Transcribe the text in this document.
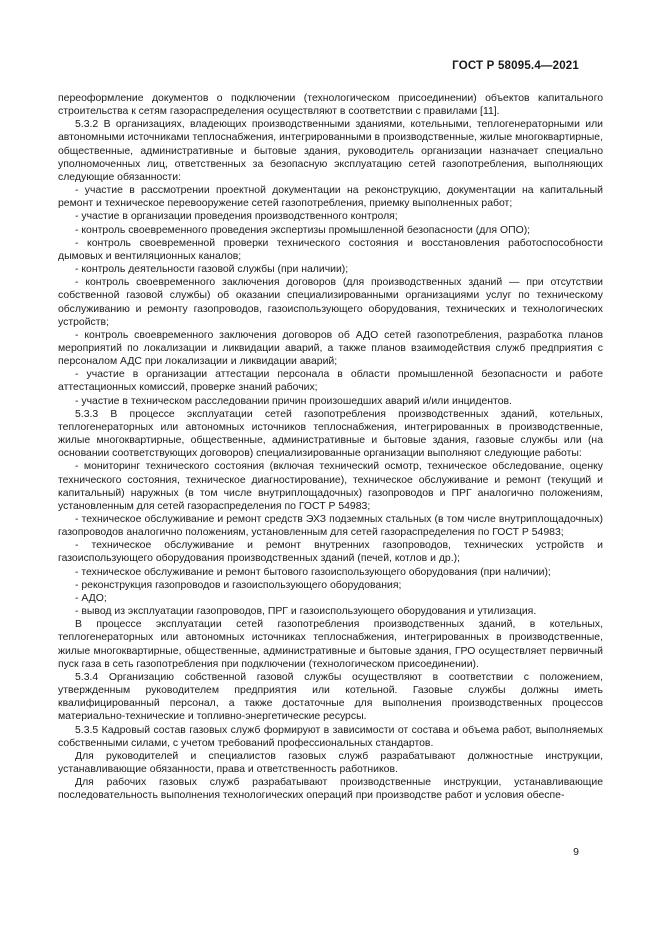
ГОСТ Р 58095.4—2021

переоформление документов о подключении (технологическом присоединении) объектов капитального строительства к сетям газораспределения осуществляют в соответствии с правилами [11].

5.3.2 В организациях, владеющих производственными зданиями, котельными, теплогенераторными или автономными источниками теплоснабжения, интегрированными в производственные, жилые многоквартирные, общественные, административные и бытовые здания, руководитель организации назначает специально уполномоченных лиц, ответственных за безопасную эксплуатацию сетей газопотребления, выполняющих следующие обязанности:

- участие в рассмотрении проектной документации на реконструкцию, документации на капитальный ремонт и техническое перевооружение сетей газопотребления, приемку выполненных работ;

- участие в организации проведения производственного контроля;

- контроль своевременного проведения экспертизы промышленной безопасности (для ОПО);

- контроль своевременной проверки технического состояния и восстановления работоспособности дымовых и вентиляционных каналов;

- контроль деятельности газовой службы (при наличии);

- контроль своевременного заключения договоров (для производственных зданий — при отсутствии собственной газовой службы) об оказании специализированными организациями услуг по техническому обслуживанию и ремонту газопроводов, газоиспользующего оборудования, технических и технологических устройств;

- контроль своевременного заключения договоров об АДО сетей газопотребления, разработка планов мероприятий по локализации и ликвидации аварий, а также планов взаимодействия служб предприятия с персоналом АДС при локализации и ликвидации аварий;

- участие в организации аттестации персонала в области промышленной безопасности и работе аттестационных комиссий, проверке знаний рабочих;

- участие в техническом расследовании причин произошедших аварий и/или инцидентов.

5.3.3 В процессе эксплуатации сетей газопотребления производственных зданий, котельных, теплогенераторных или автономных источников теплоснабжения, интегрированных в производственные, жилые многоквартирные, общественные, административные и бытовые здания, газовые службы или (на основании соответствующих договоров) специализированные организации выполняют следующие работы:

- мониторинг технического состояния (включая технический осмотр, техническое обследование, оценку технического состояния, техническое диагностирование), техническое обслуживание и ремонт (текущий и капитальный) наружных (в том числе внутриплощадочных) газопроводов и ПРГ аналогично положениям, установленным для сетей газораспределения по ГОСТ Р 54983;

- техническое обслуживание и ремонт средств ЭХЗ подземных стальных (в том числе внутриплощадочных) газопроводов аналогично положениям, установленным для сетей газораспределения по ГОСТ Р 54983;

- техническое обслуживание и ремонт внутренних газопроводов, технических устройств и газоиспользующего оборудования производственных зданий (печей, котлов и др.);

- техническое обслуживание и ремонт бытового газоиспользующего оборудования (при наличии);

- реконструкция газопроводов и газоиспользующего оборудования;

- АДО;

- вывод из эксплуатации газопроводов, ПРГ и газоиспользующего оборудования и утилизация.

В процессе эксплуатации сетей газопотребления производственных зданий, в котельных, теплогенераторных или автономных источниках теплоснабжения, интегрированных в производственные, жилые многоквартирные, общественные, административные и бытовые здания, ГРО осуществляет первичный пуск газа в сеть газопотребления при подключении (технологическом присоединении).

5.3.4 Организацию собственной газовой службы осуществляют в соответствии с положением, утвержденным руководителем предприятия или котельной. Газовые службы должны иметь квалифицированный персонал, а также достаточные для выполнения производственных процессов материально-технические и топливно-энергетические ресурсы.

5.3.5 Кадровый состав газовых служб формируют в зависимости от состава и объема работ, выполняемых собственными силами, с учетом требований профессиональных стандартов.

Для руководителей и специалистов газовых служб разрабатывают должностные инструкции, устанавливающие обязанности, права и ответственность работников.

Для рабочих газовых служб разрабатывают производственные инструкции, устанавливающие последовательность выполнения технологических операций при производстве работ и условия обеспе-

9
